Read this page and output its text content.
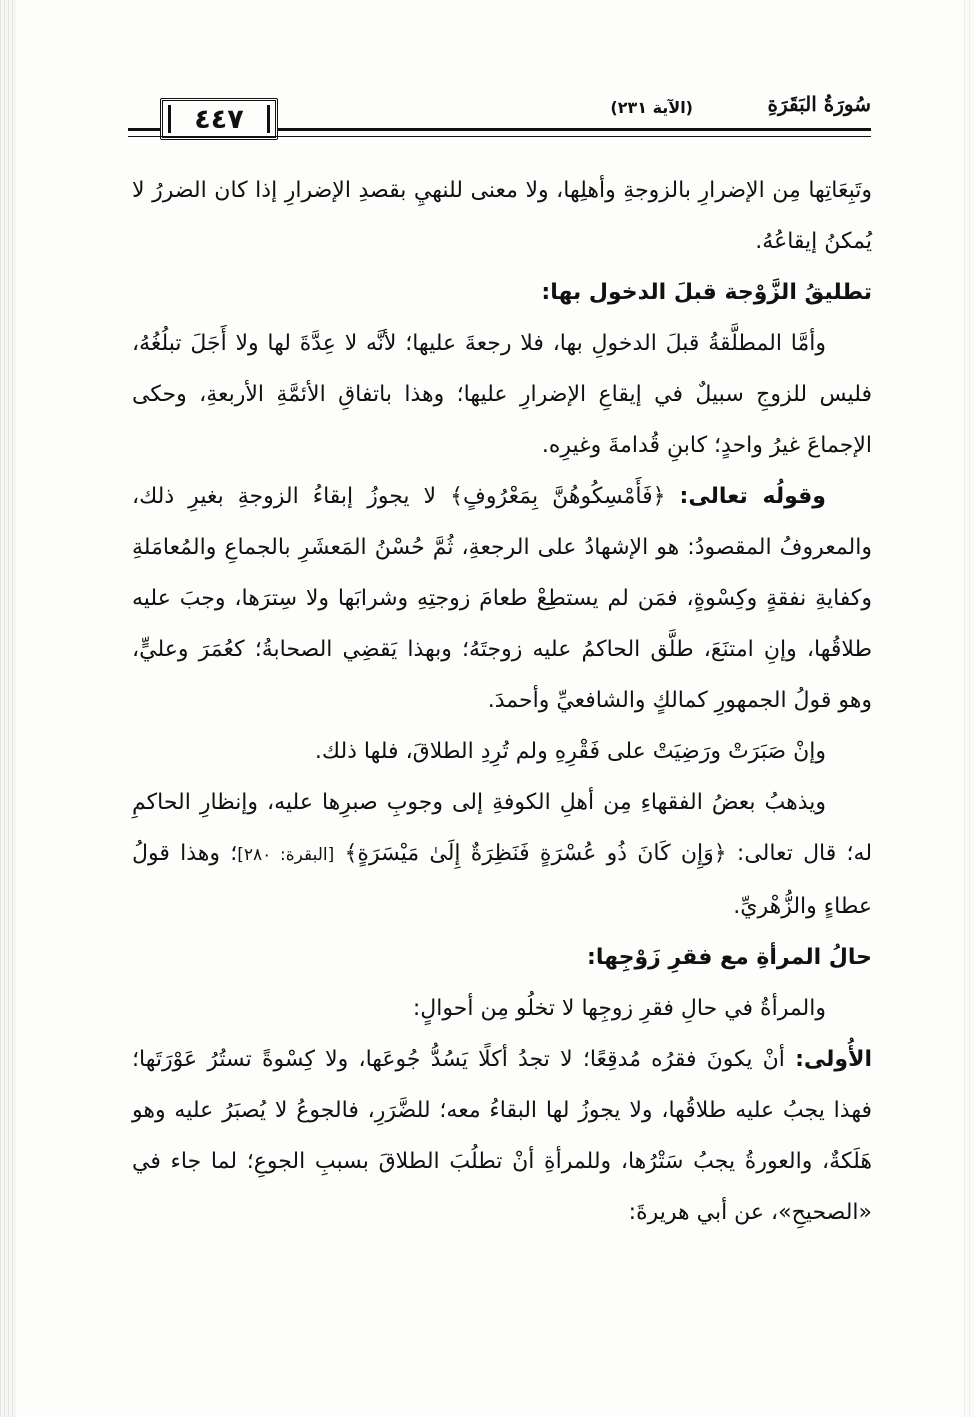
٤٤٧	سُورَةُ البَقَرَةِ
(الآية ٢٣١)

وتَبِعَاتِها مِن الإضرارِ بالزوجةِ وأهلِها، ولا معنى للنهيِ بقصدِ الإضرارِ إذا كان الضررُ لا يُمكنُ إيقاعُهُ.

تطليقُ الزَّوْجة قبلَ الدخول بها:

وأمَّا المطلَّقةُ قبلَ الدخولِ بها، فلا رجعةَ عليها؛ لأنَّه لا عِدَّةَ لها ولا أَجَلَ تبلُغُهُ، فليس للزوجِ سبيلٌ في إيقاعِ الإضرارِ عليها؛ وهذا باتفاقِ الأئمَّةِ الأربعةِ، وحكى الإجماعَ غيرُ واحدٍ؛ كابنِ قُدامةَ وغيرِه.

وقولُه تعالى: ﴿فَأَمْسِكُوهُنَّ بِمَعْرُوفٍ﴾ لا يجوزُ إبقاءُ الزوجةِ بغيرِ ذلك، والمعروفُ المقصودُ: هو الإشهادُ على الرجعةِ، ثُمَّ حُسْنُ المَعشَرِ بالجماعِ والمُعامَلةِ وكفايةِ نفقةٍ وكِسْوةٍ، فمَن لم يستطِعْ طعامَ زوجتِهِ وشرابَها ولا سِترَها، وجبَ عليه طلاقُها، وإنِ امتنَعَ، طلَّق الحاكمُ عليه زوجتَهُ؛ وبهذا يَقضِي الصحابةُ؛ كعُمَرَ وعليٍّ، وهو قولُ الجمهورِ كمالكٍ والشافعيِّ وأحمدَ.

وإنْ صَبَرَتْ ورَضِيَتْ على فَقْرِهِ ولم تُرِدِ الطلاقَ، فلها ذلك.

ويذهبُ بعضُ الفقهاءِ مِن أهلِ الكوفةِ إلى وجوبِ صبرِها عليه، وإنظارِ الحاكمِ له؛ قال تعالى: ﴿وَإِن كَانَ ذُو عُسْرَةٍ فَنَظِرَةٌ إِلَىٰ مَيْسَرَةٍ﴾ [البقرة: ٢٨٠]؛ وهذا قولُ عطاءٍ والزُّهْريِّ.

حالُ المرأةِ مع فقرِ زَوْجِها:

والمرأةُ في حالِ فقرِ زوجِها لا تخلُو مِن أحوالٍ:

الأُولى: أنْ يكونَ فقرُه مُدقِعًا؛ لا تجدُ أكلًا يَسُدُّ جُوعَها، ولا كِسْوةً تستُرُ عَوْرَتَها؛ فهذا يجبُ عليه طلاقُها، ولا يجوزُ لها البقاءُ معه؛ للضَّرَرِ، فالجوعُ لا يُصبَرُ عليه وهو هَلَكةٌ، والعورةُ يجبُ سَتْرُها، وللمرأةِ أنْ تطلُبَ الطلاقَ بسببِ الجوعِ؛ لما جاء في «الصحيحِ»، عن أبي هريرةَ:
